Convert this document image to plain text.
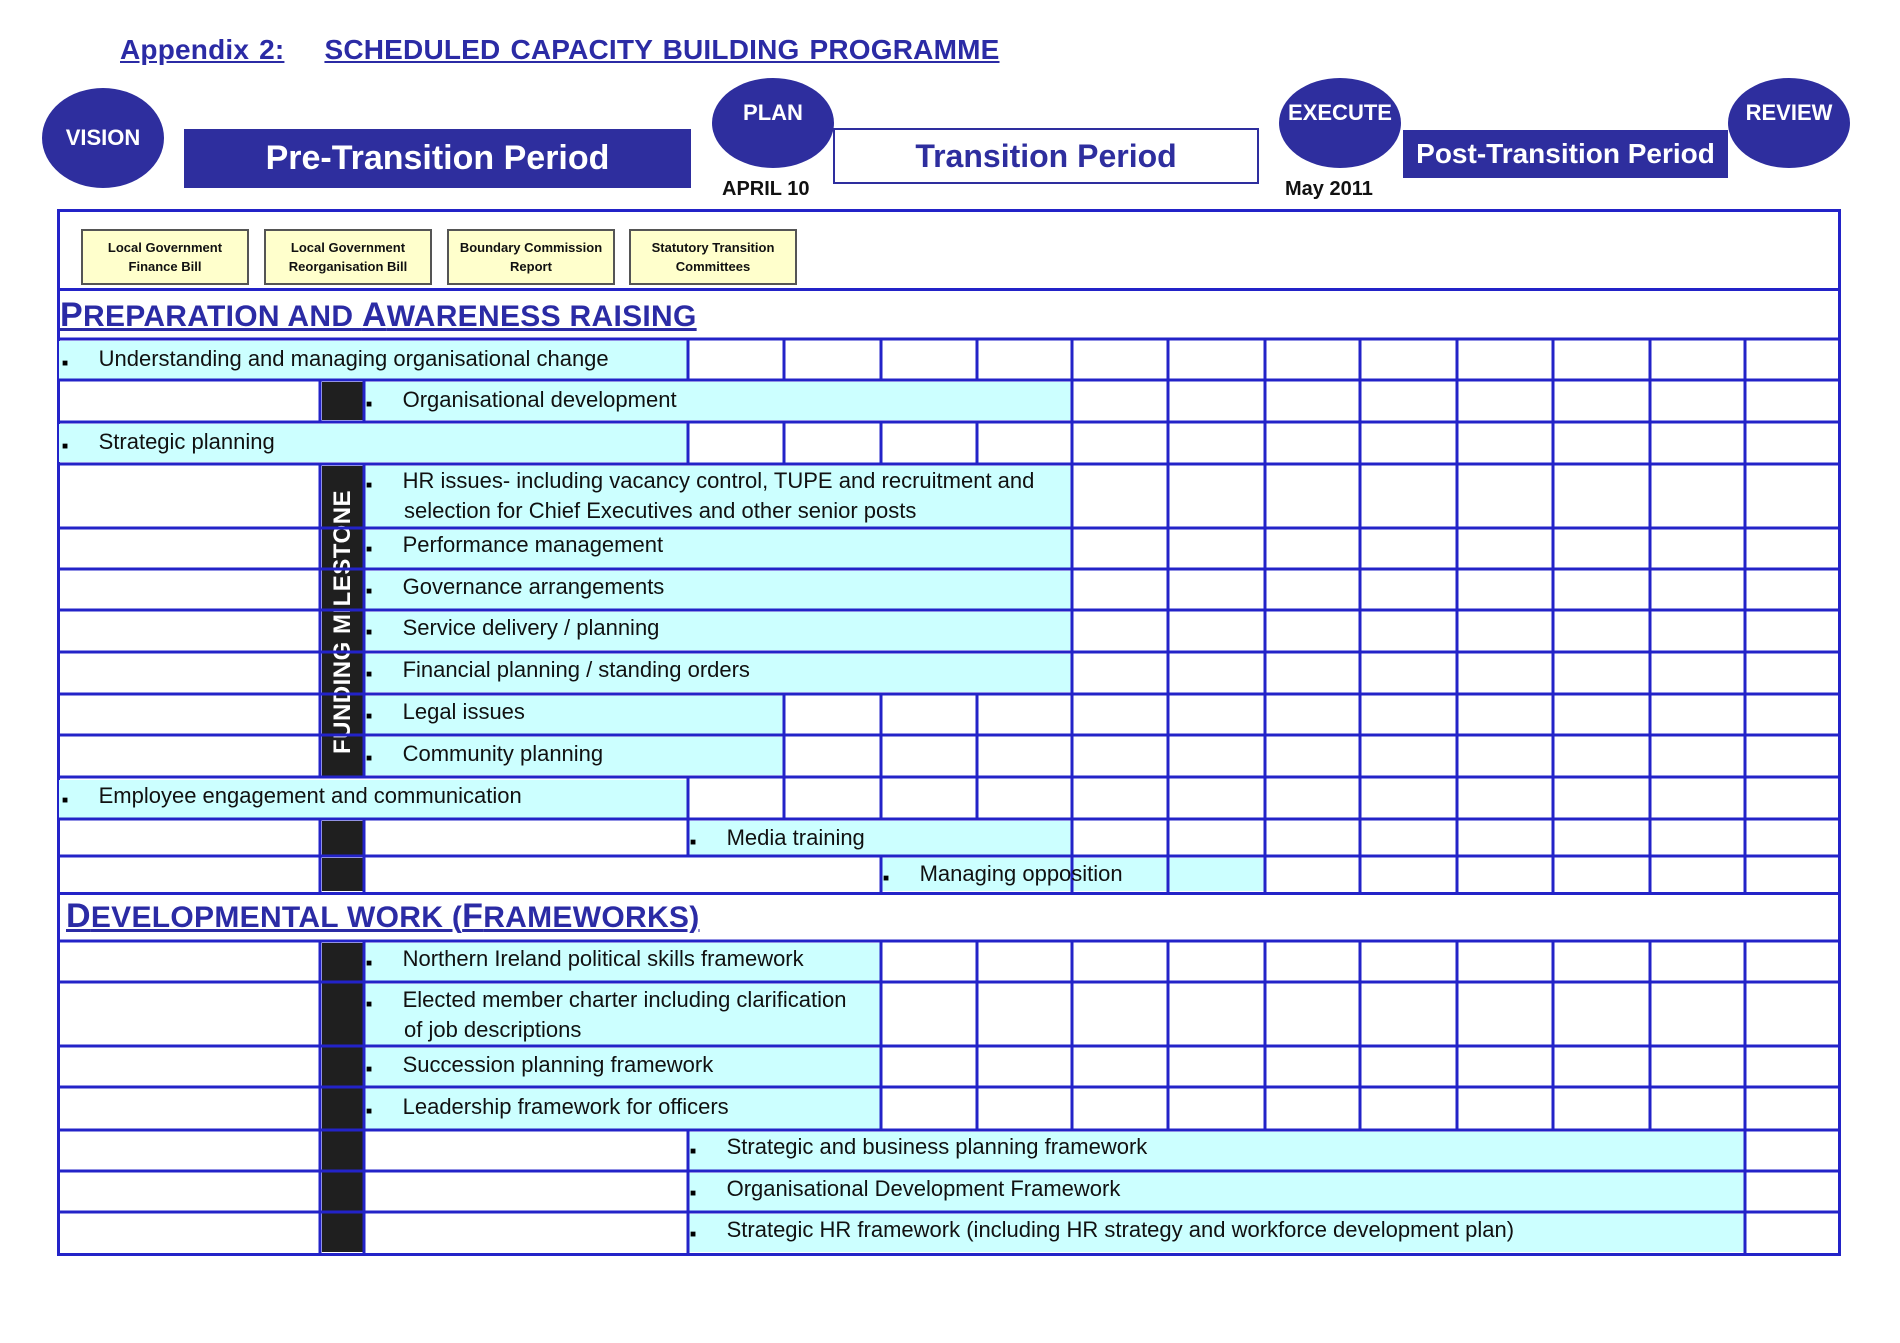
Appendix 2: SCHEDULED CAPACITY BUILDING PROGRAMME
VISION
PLAN	EXECUTE	REVIEW
Pre-Transition Period	Transition Period	Post-Transition Period
APRIL 10	May 2011
Local Government Finance Bill
Local Government Reorganisation Bill
Boundary Commission Report
Statutory Transition Committees
PREPARATION AND AWARENESS RAISING
DEVELOPMENTAL WORK (FRAMEWORKS)
FUNDING MILESTONE
■ Understanding and managing organisational change
■ Organisational development
■ Strategic planning
■ HR issues- including vacancy control, TUPE and recruitment and
selection for Chief Executives and other senior posts
■ Performance management
■ Governance arrangements
■ Service delivery / planning
■ Financial planning / standing orders
■ Legal issues
■ Community planning
■ Employee engagement and communication
■ Media training
■ Managing opposition
■ Northern Ireland political skills framework
■ Elected member charter including clarification
of job descriptions
■ Succession planning framework
■ Leadership framework for officers
■ Strategic and business planning framework
■ Organisational Development Framework
■ Strategic HR framework (including HR strategy and workforce development plan)
